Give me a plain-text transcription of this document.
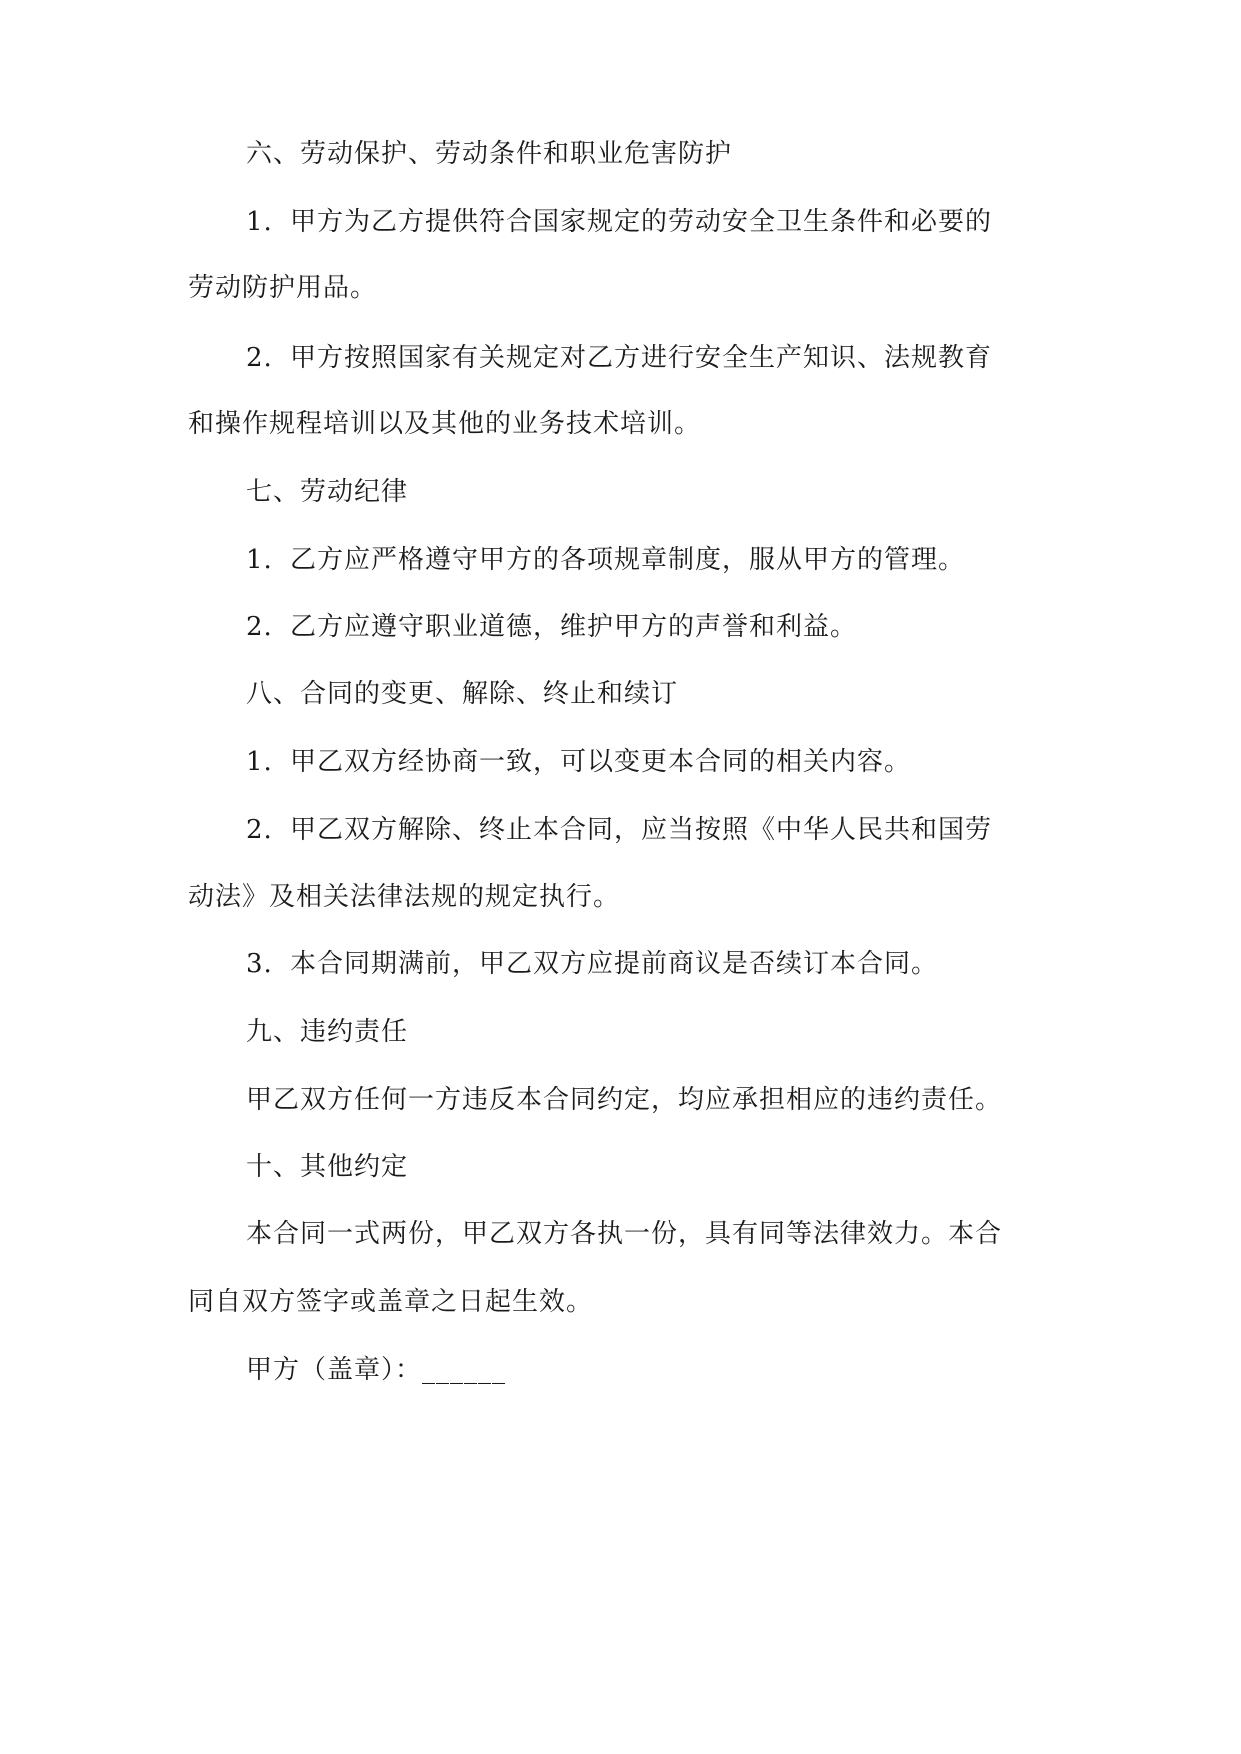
六、劳动保护、劳动条件和职业危害防护

1. 甲方为乙方提供符合国家规定的劳动安全卫生条件和必要的

劳动防护用品。

2. 甲方按照国家有关规定对乙方进行安全生产知识、法规教育

和操作规程培训以及其他的业务技术培训。

七、劳动纪律

1. 乙方应严格遵守甲方的各项规章制度，服从甲方的管理。

2. 乙方应遵守职业道德，维护甲方的声誉和利益。

八、合同的变更、解除、终止和续订

1. 甲乙双方经协商一致，可以变更本合同的相关内容。

2. 甲乙双方解除、终止本合同，应当按照《中华人民共和国劳

动法》及相关法律法规的规定执行。

3. 本合同期满前，甲乙双方应提前商议是否续订本合同。

九、违约责任

甲乙双方任何一方违反本合同约定，均应承担相应的违约责任。

十、其他约定

本合同一式两份，甲乙双方各执一份，具有同等法律效力。本合

同自双方签字或盖章之日起生效。

甲方（盖章）：______
